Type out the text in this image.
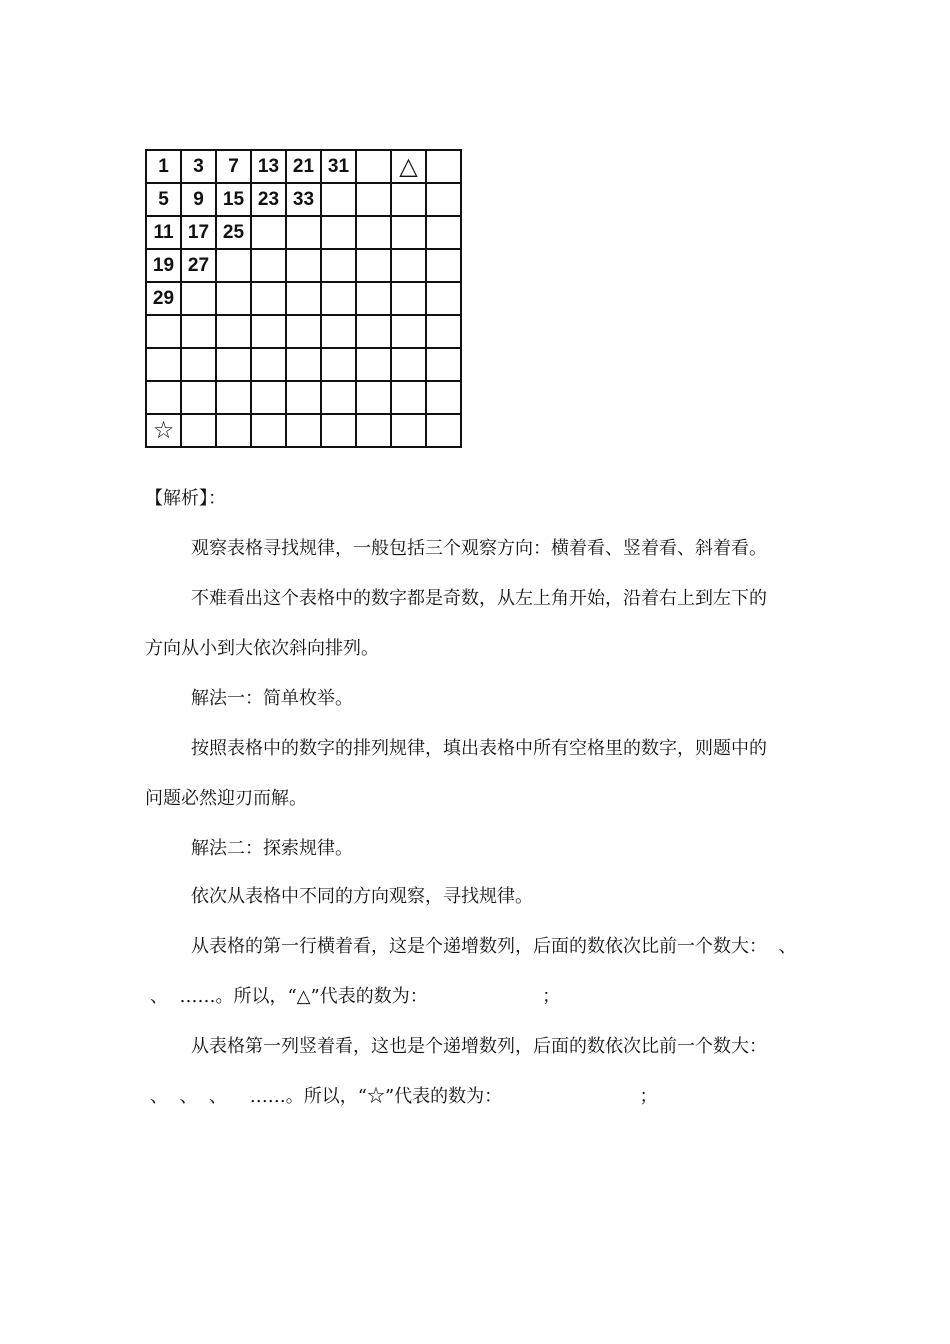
1	3	7	13	21	31		△	
5	9	15	23	33				
11	17	25						
19	27							
29								

☆								
【解析】：
观察表格寻找规律，一般包括三个观察方向：横着看、竖着看、斜着看。
不难看出这个表格中的数字都是奇数，从左上角开始，沿着右上到左下的
方向从小到大依次斜向排列。
解法一：简单枚举。
按照表格中的数字的排列规律，填出表格中所有空格里的数字，则题中的
问题必然迎刃而解。
解法二：探索规律。
依次从表格中不同的方向观察，寻找规律。
从表格的第一行横着看，这是个递增数列，后面的数依次比前一个数大：  、
、  ……。所以，“△”代表的数为：                    ；
从表格第一列竖着看，这也是个递增数列，后面的数依次比前一个数大：
、  、  、    ……。所以，“☆”代表的数为：                        ；
